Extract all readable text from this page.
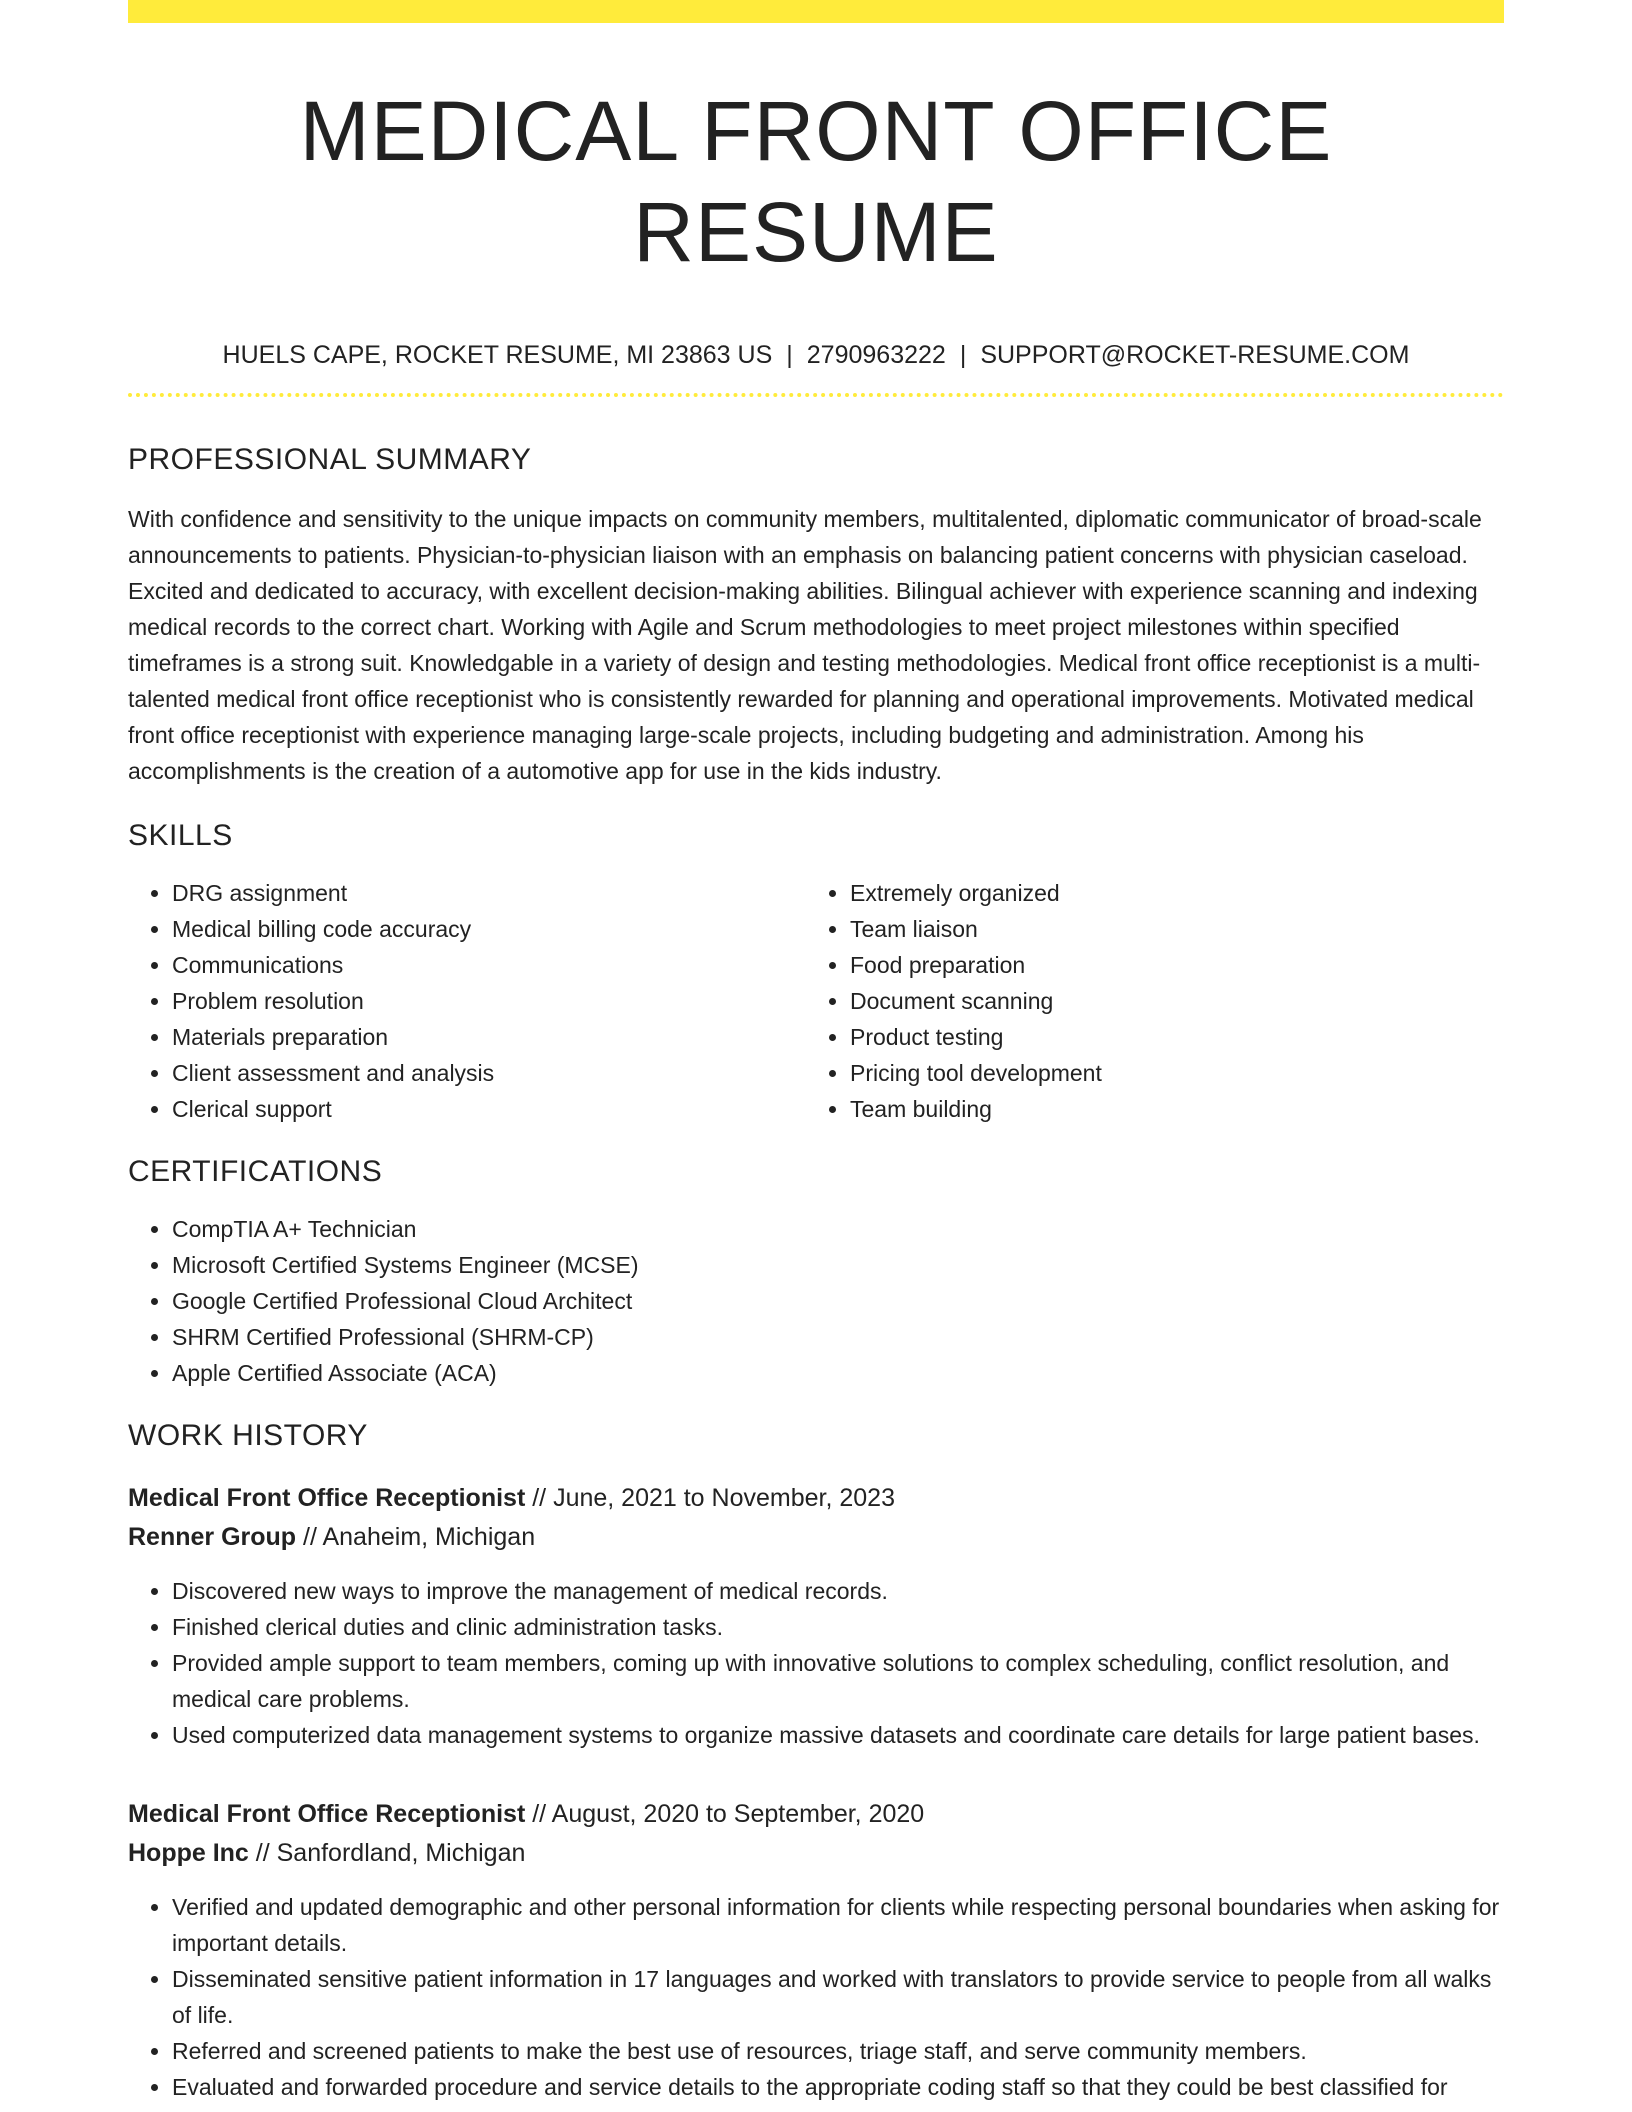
MEDICAL FRONT OFFICE RESUME
HUELS CAPE, ROCKET RESUME, MI 23863 US | 2790963222 | SUPPORT@ROCKET-RESUME.COM
PROFESSIONAL SUMMARY

With confidence and sensitivity to the unique impacts on community members, multitalented, diplomatic communicator of broad-scale announcements to patients. Physician-to-physician liaison with an emphasis on balancing patient concerns with physician caseload. Excited and dedicated to accuracy, with excellent decision-making abilities. Bilingual achiever with experience scanning and indexing medical records to the correct chart. Working with Agile and Scrum methodologies to meet project milestones within specified timeframes is a strong suit. Knowledgable in a variety of design and testing methodologies. Medical front office receptionist is a multi-talented medical front office receptionist who is consistently rewarded for planning and operational improvements. Motivated medical front office receptionist with experience managing large-scale projects, including budgeting and administration. Among his accomplishments is the creation of a automotive app for use in the kids industry.

SKILLS
• DRG assignment
• Medical billing code accuracy
• Communications
• Problem resolution
• Materials preparation
• Client assessment and analysis
• Clerical support
• Extremely organized
• Team liaison
• Food preparation
• Document scanning
• Product testing
• Pricing tool development
• Team building
CERTIFICATIONS
• CompTIA A+ Technician
• Microsoft Certified Systems Engineer (MCSE)
• Google Certified Professional Cloud Architect
• SHRM Certified Professional (SHRM-CP)
• Apple Certified Associate (ACA)
WORK HISTORY
Medical Front Office Receptionist // June, 2021 to November, 2023
Renner Group // Anaheim, Michigan
• Discovered new ways to improve the management of medical records.
• Finished clerical duties and clinic administration tasks.
• Provided ample support to team members, coming up with innovative solutions to complex scheduling, conflict resolution, and medical care problems.
• Used computerized data management systems to organize massive datasets and coordinate care details for large patient bases.
Medical Front Office Receptionist // August, 2020 to September, 2020
Hoppe Inc // Sanfordland, Michigan
• Verified and updated demographic and other personal information for clients while respecting personal boundaries when asking for important details.
• Disseminated sensitive patient information in 17 languages and worked with translators to provide service to people from all walks of life.
• Referred and screened patients to make the best use of resources, triage staff, and serve community members.
• Evaluated and forwarded procedure and service details to the appropriate coding staff so that they could be best classified for
